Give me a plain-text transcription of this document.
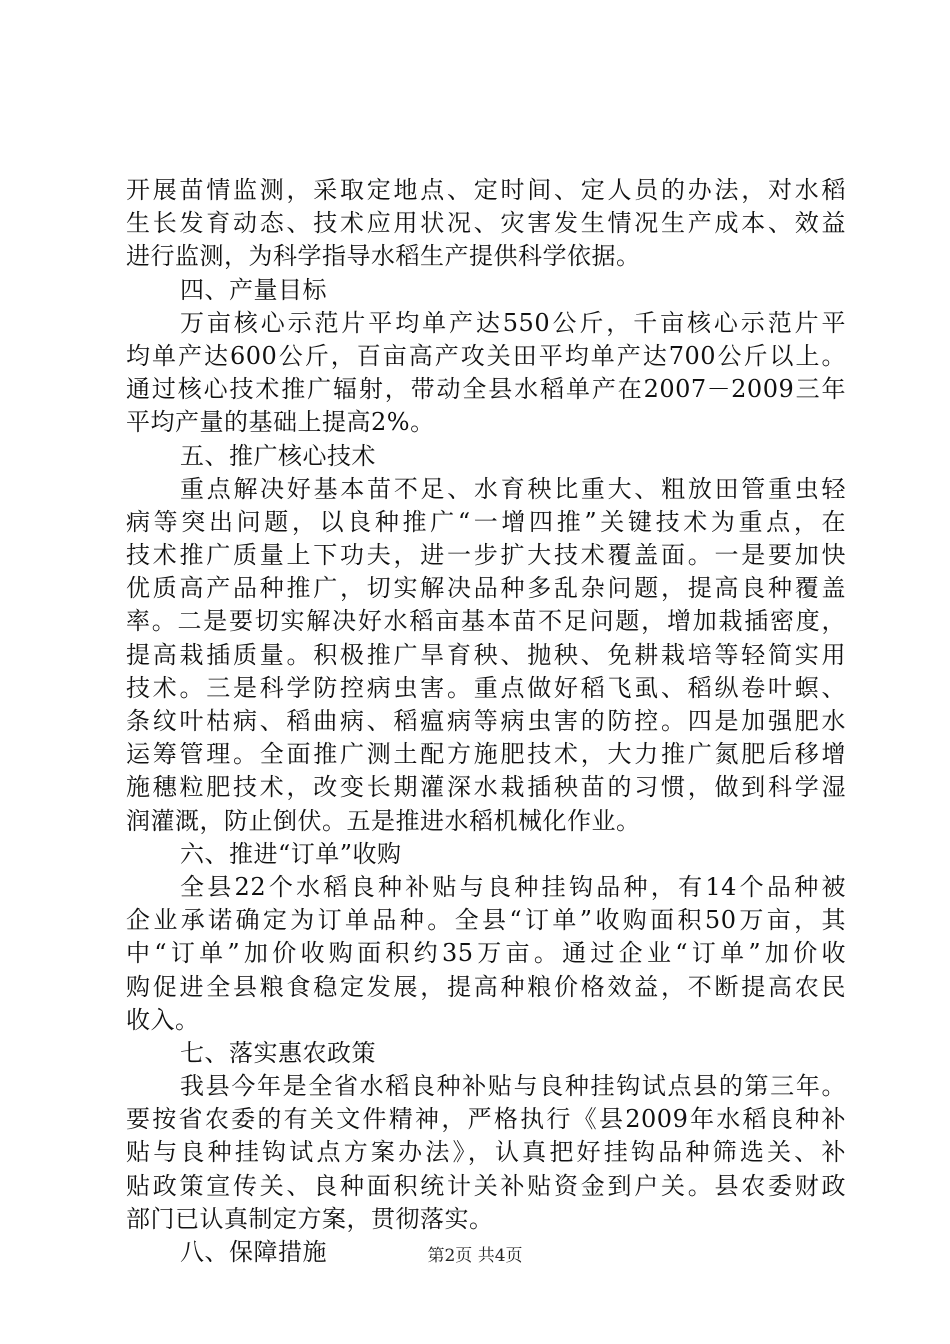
开展苗情监测，采取定地点、定时间、定人员的办法，对水稻
生长发育动态、技术应用状况、灾害发生情况生产成本、效益
进行监测，为科学指导水稻生产提供科学依据。
四、产量目标
万亩核心示范片平均单产达550公斤，千亩核心示范片平
均单产达600公斤，百亩高产攻关田平均单产达700公斤以上。
通过核心技术推广辐射，带动全县水稻单产在2007－2009三年
平均产量的基础上提高2%。
五、推广核心技术
重点解决好基本苗不足、水育秧比重大、粗放田管重虫轻
病等突出问题，以良种推广“一增四推”关键技术为重点，在
技术推广质量上下功夫，进一步扩大技术覆盖面。一是要加快
优质高产品种推广，切实解决品种多乱杂问题，提高良种覆盖
率。二是要切实解决好水稻亩基本苗不足问题，增加栽插密度，
提高栽插质量。积极推广旱育秧、抛秧、免耕栽培等轻简实用
技术。三是科学防控病虫害。重点做好稻飞虱、稻纵卷叶螟、
条纹叶枯病、稻曲病、稻瘟病等病虫害的防控。四是加强肥水
运筹管理。全面推广测土配方施肥技术，大力推广氮肥后移增
施穗粒肥技术，改变长期灌深水栽插秧苗的习惯，做到科学湿
润灌溉，防止倒伏。五是推进水稻机械化作业。
六、推进“订单”收购
全县22个水稻良种补贴与良种挂钩品种，有14个品种被
企业承诺确定为订单品种。全县“订单”收购面积50万亩，其
中“订单”加价收购面积约35万亩。通过企业“订单”加价收
购促进全县粮食稳定发展，提高种粮价格效益，不断提高农民
收入。
七、落实惠农政策
我县今年是全省水稻良种补贴与良种挂钩试点县的第三年。
要按省农委的有关文件精神，严格执行《县2009年水稻良种补
贴与良种挂钩试点方案办法》，认真把好挂钩品种筛选关、补
贴政策宣传关、良种面积统计关补贴资金到户关。县农委财政
部门已认真制定方案，贯彻落实。
八、保障措施	第2页 共4页
